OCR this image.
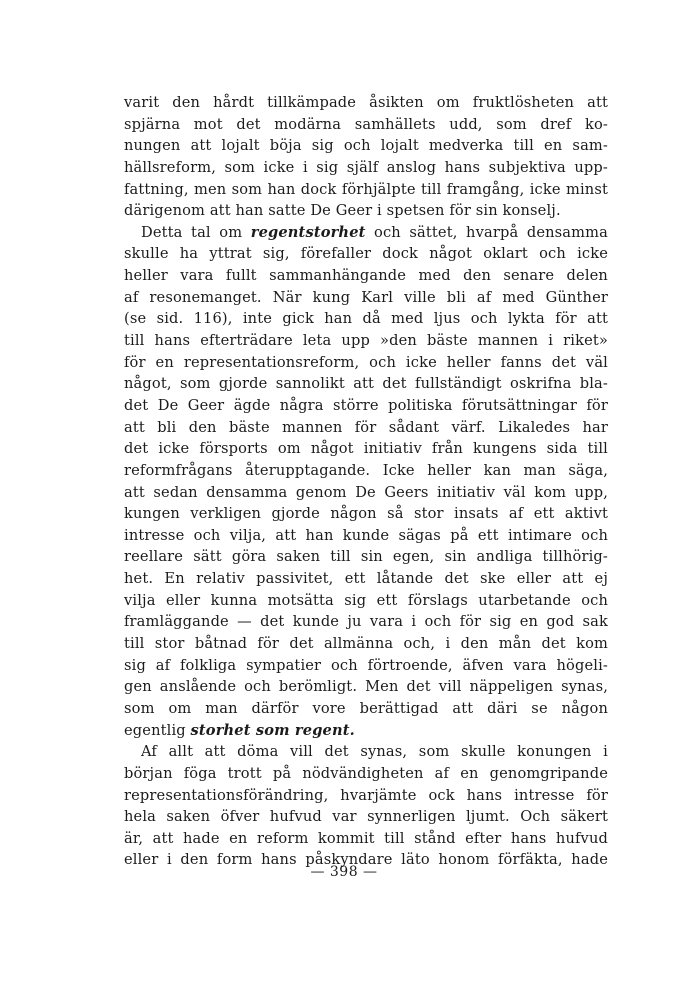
varit den hårdt tillkämpade åsikten om fruktlösheten att
spjärna mot det modärna samhällets udd, som dref ko-
nungen att lojalt böja sig och lojalt medverka till en sam-
hällsreform, som icke i sig själf anslog hans subjektiva upp-
fattning, men som han dock förhjälpte till framgång, icke minst
därigenom att han satte De Geer i spetsen för sin konselj.
Detta tal om regentstorhet och sättet, hvarpå densamma
skulle ha yttrat sig, förefaller dock något oklart och icke
heller vara fullt sammanhängande med den senare delen
af resonemanget. När kung Karl ville bli af med Günther
(se sid. 116), inte gick han då med ljus och lykta för att
till hans efterträdare leta upp »den bäste mannen i riket»
för en representationsreform, och icke heller fanns det väl
något, som gjorde sannolikt att det fullständigt oskrifna bla-
det De Geer ägde några större politiska förutsättningar för
att bli den bäste mannen för sådant värf. Likaledes har
det icke försports om något initiativ från kungens sida till
reformfrågans återupptagande. Icke heller kan man säga,
att sedan densamma genom De Geers initiativ väl kom upp,
kungen verkligen gjorde någon så stor insats af ett aktivt
intresse och vilja, att han kunde sägas på ett intimare och
reellare sätt göra saken till sin egen, sin andliga tillhörig-
het. En relativ passivitet, ett låtande det ske eller att ej
vilja eller kunna motsätta sig ett förslags utarbetande och
framläggande — det kunde ju vara i och för sig en god sak
till stor båtnad för det allmänna och, i den mån det kom
sig af folkliga sympatier och förtroende, äfven vara högeli-
gen anslående och berömligt. Men det vill näppeligen synas,
som om man därför vore berättigad att däri se någon
egentlig storhet som regent.
Af allt att döma vill det synas, som skulle konungen i
början föga trott på nödvändigheten af en genomgripande
representationsförändring, hvarjämte ock hans intresse för
hela saken öfver hufvud var synnerligen ljumt. Och säkert
är, att hade en reform kommit till stånd efter hans hufvud
eller i den form hans påskyndare läto honom förfäkta, hade
— 398 —
